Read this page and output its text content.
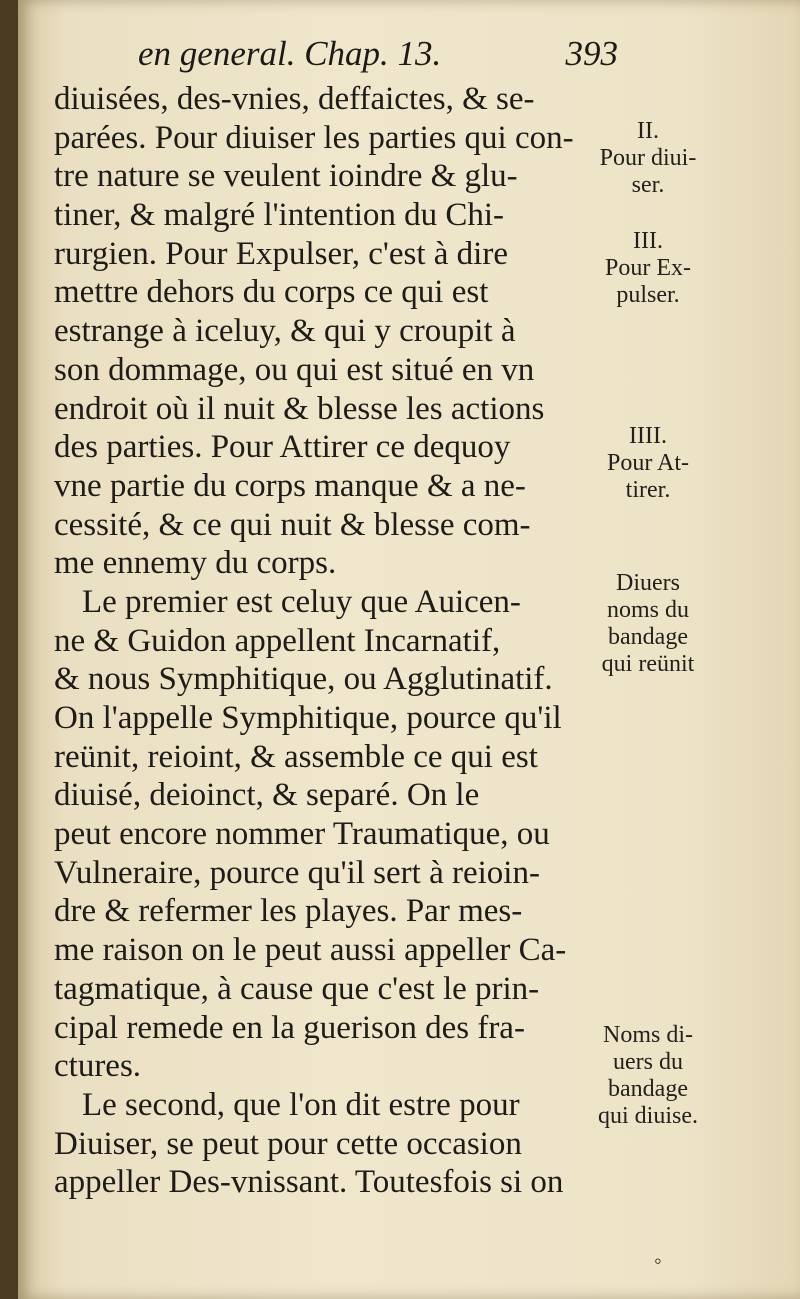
en general. Chap. 13.	393
diuisées, des-vnies, deffaictes, & se-
parées. Pour diuiser les parties qui con-
tre nature se veulent ioindre & glu-
tiner, & malgré l'intention du Chi-
rurgien. Pour Expulser, c'est à dire
mettre dehors du corps ce qui est
estrange à iceluy, & qui y croupit à
son dommage, ou qui est situé en vn
endroit où il nuit & blesse les actions
des parties. Pour Attirer ce dequoy
vne partie du corps manque & a ne-
cessité, & ce qui nuit & blesse com-
me ennemy du corps.
Le premier est celuy que Auicen-
ne & Guidon appellent Incarnatif,
& nous Symphitique, ou Agglutinatif.
On l'appelle Symphitique, pource qu'il
reünit, reioint, & assemble ce qui est
diuisé, deioinct, & separé. On le
peut encore nommer Traumatique, ou
Vulneraire, pource qu'il sert à reioin-
dre & refermer les playes. Par mes-
me raison on le peut aussi appeller Ca-
tagmatique, à cause que c'est le prin-
cipal remede en la guerison des fra-
ctures.
Le second, que l'on dit estre pour
Diuiser, se peut pour cette occasion
appeller Des-vnissant. Toutesfois si on
II.
Pour diui-
ser.
III.
Pour Ex-
pulser.
IIII.
Pour At-
tirer.
Diuers
noms du
bandage
qui reünit
Noms di-
uers du
bandage
qui diuise.
◦
